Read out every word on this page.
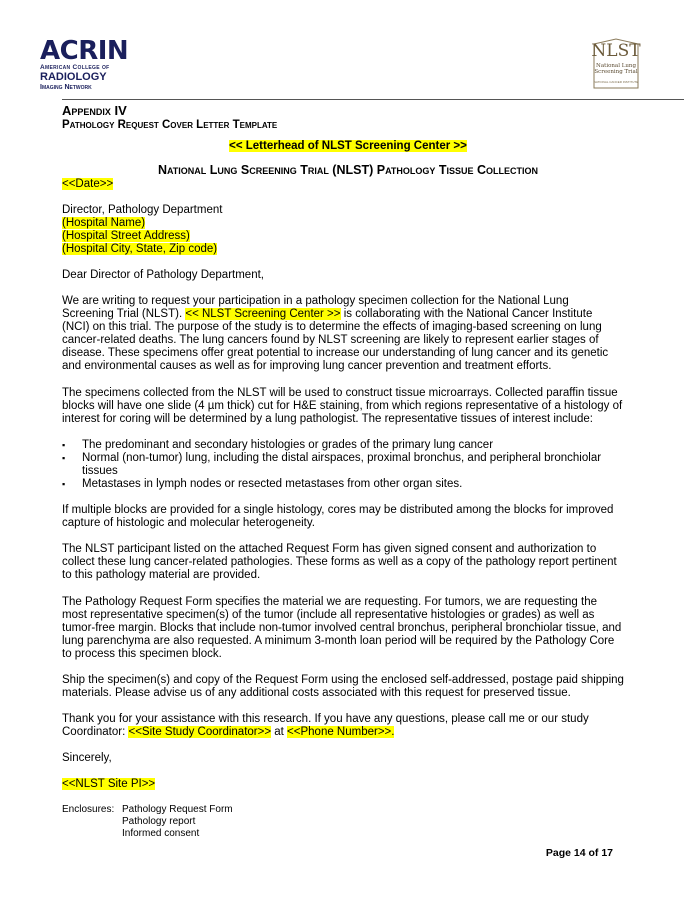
ACRIN
American College of
RADIOLOGY
Imaging Network
NLST
National Lung
Screening Trial
NATIONAL CANCER INSTITUTE
Appendix IV
Pathology Request Cover Letter Template
<< Letterhead of NLST Screening Center >>
National Lung Screening Trial (NLST) Pathology Tissue Collection
<<Date>>
Director, Pathology Department
(Hospital Name)
(Hospital Street Address)
(Hospital City, State, Zip code)
Dear Director of Pathology Department,

We are writing to request your participation in a pathology specimen collection for the National Lung Screening Trial (NLST). << NLST Screening Center >> is collaborating with the National Cancer Institute (NCI) on this trial. The purpose of the study is to determine the effects of imaging-based screening on lung cancer-related deaths. The lung cancers found by NLST screening are likely to represent earlier stages of disease. These specimens offer great potential to increase our understanding of lung cancer and its genetic and environmental causes as well as for improving lung cancer prevention and treatment efforts.

The specimens collected from the NLST will be used to construct tissue microarrays. Collected paraffin tissue blocks will have one slide (4 µm thick) cut for H&E staining, from which regions representative of a histology of interest for coring will be determined by a lung pathologist. The representative tissues of interest include:

▪ The predominant and secondary histologies or grades of the primary lung cancer
▪ Normal (non-tumor) lung, including the distal airspaces, proximal bronchus, and peripheral bronchiolar tissues
▪ Metastases in lymph nodes or resected metastases from other organ sites.

If multiple blocks are provided for a single histology, cores may be distributed among the blocks for improved capture of histologic and molecular heterogeneity.

The NLST participant listed on the attached Request Form has given signed consent and authorization to collect these lung cancer-related pathologies. These forms as well as a copy of the pathology report pertinent to this pathology material are provided.

The Pathology Request Form specifies the material we are requesting. For tumors, we are requesting the most representative specimen(s) of the tumor (include all representative histologies or grades) as well as tumor-free margin. Blocks that include non-tumor involved central bronchus, peripheral bronchiolar tissue, and lung parenchyma are also requested. A minimum 3-month loan period will be required by the Pathology Core to process this specimen block.

Ship the specimen(s) and copy of the Request Form using the enclosed self-addressed, postage paid shipping materials. Please advise us of any additional costs associated with this request for preserved tissue.

Thank you for your assistance with this research. If you have any questions, please call me or our study Coordinator: <<Site Study Coordinator>> at <<Phone Number>>.

Sincerely,
<<NLST Site PI>>
Enclosures: Pathology Request Form
Pathology report
Informed consent
Page 14 of 17
